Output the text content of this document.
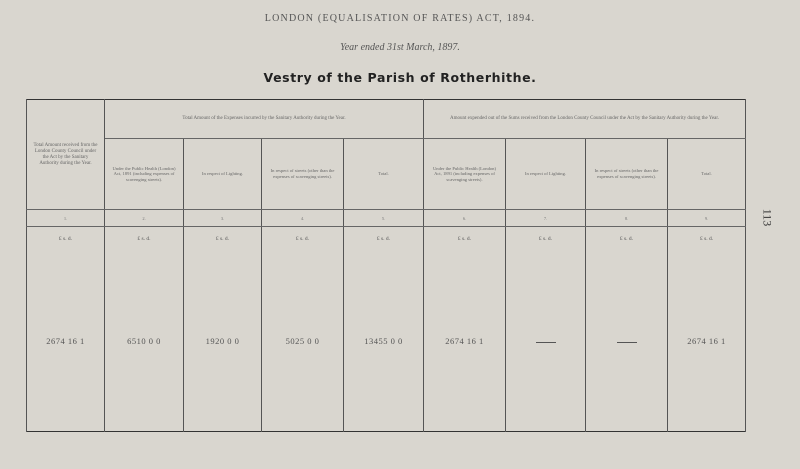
LONDON (EQUALISATION OF RATES) ACT, 1894.
Year ended 31st March, 1897.
Vestry of the Parish of Rotherhithe.
113
Total Amount received from the London County Council under the Act by the Sanitary Authority during the Year.	Total Amount of the Expenses incurred by the Sanitary Authority during the Year.				Amount expended out of the Sums received from the London County Council under the Act by the Sanitary Authority during the Year.			
	Under the Public Health (London) Act, 1891 (including expenses of scavenging streets).	In respect of Lighting.	In respect of streets (other than the expenses of scavenging streets).	Total.	Under the Public Health (London) Act, 1891 (including expenses of scavenging streets).	In respect of Lighting.	In respect of streets (other than the expenses of scavenging streets).	Total.
1.	2.	3.	4.	5.	6.	7.	8.	9.
£ s. d.	£ s. d.	£ s. d.	£ s. d.	£ s. d.	£ s. d.	£ s. d.	£ s. d.	£ s. d.
2674 16 1	6510 0 0	1920 0 0	5025 0 0	13455 0 0	2674 16 1			2674 16 1
